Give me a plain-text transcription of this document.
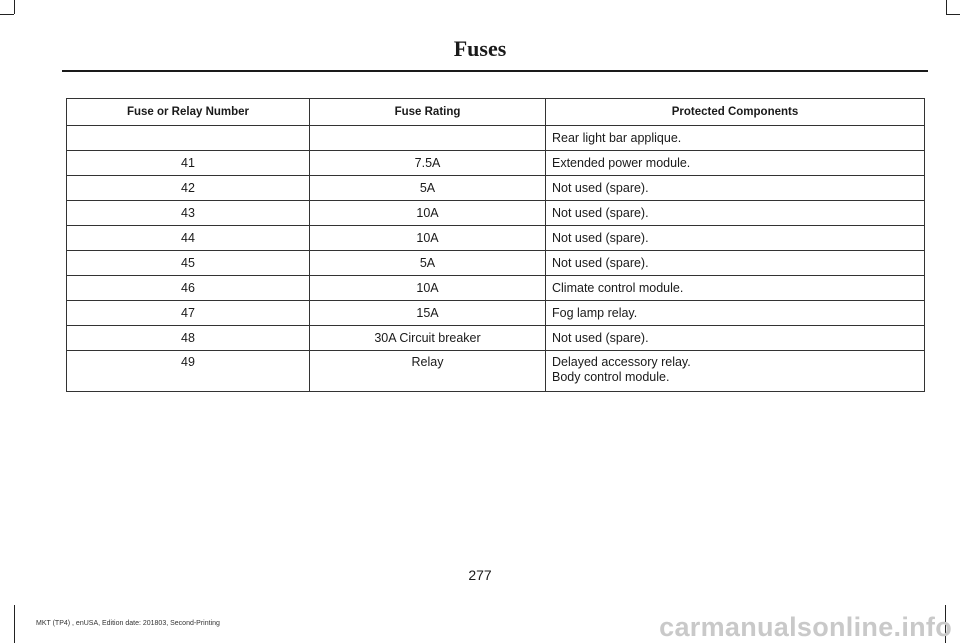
Fuses
Fuse or Relay Number	Fuse Rating	Protected Components

		Rear light bar applique.

41	7.5A	Extended power module.

42	5A	Not used (spare).

43	10A	Not used (spare).

44	10A	Not used (spare).

45	5A	Not used (spare).

46	10A	Climate control module.

47	15A	Fog lamp relay.

48	30A Circuit breaker	Not used (spare).

49	Relay	Delayed accessory relay.
Body control module.
277
MKT (TP4) , enUSA, Edition date: 201803, Second-Printing	carmanualsonline.info
